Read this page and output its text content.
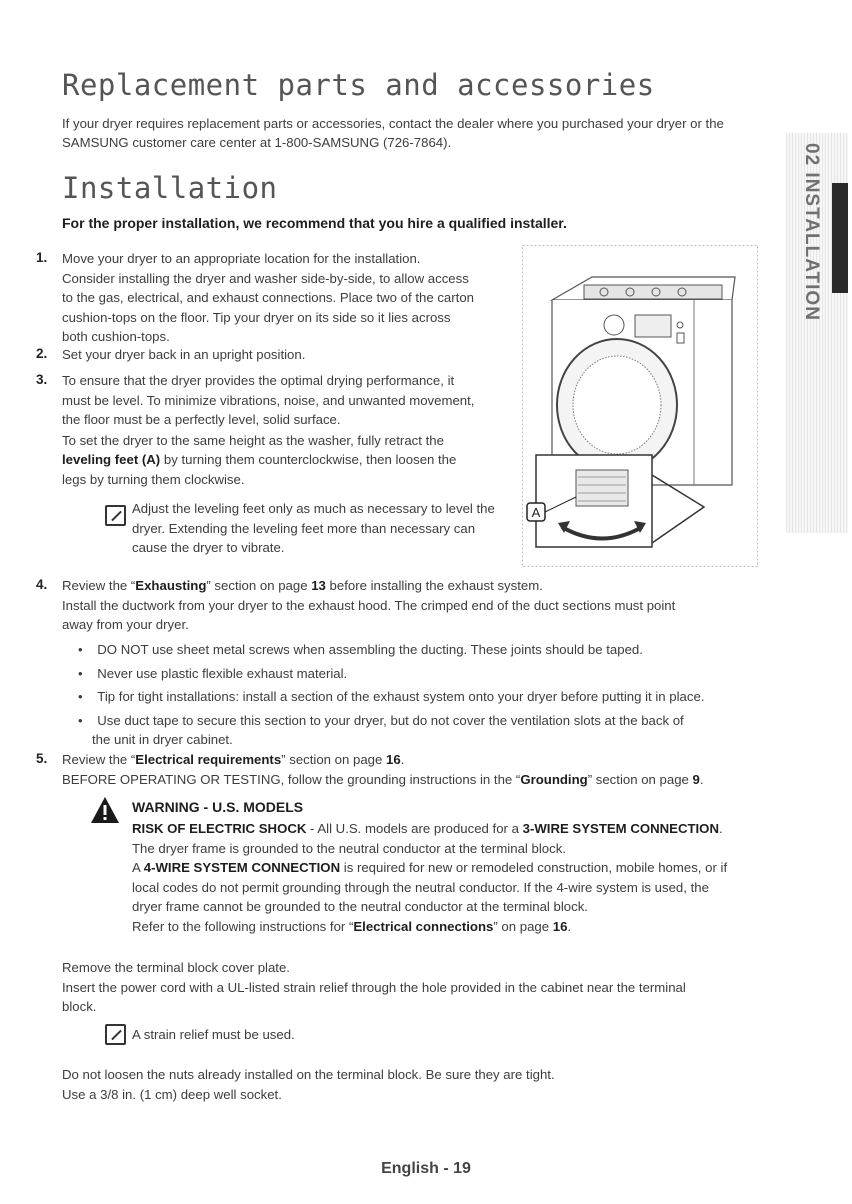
02 INSTALLATION
Replacement parts and accessories
If your dryer requires replacement parts or accessories, contact the dealer where you purchased your dryer or the
SAMSUNG customer care center at 1-800-SAMSUNG (726-7864).
Installation
For the proper installation, we recommend that you hire a qualified installer.
1. Move your dryer to an appropriate location for the installation.
Consider installing the dryer and washer side-by-side, to allow access
to the gas, electrical, and exhaust connections. Place two of the carton
cushion-tops on the floor. Tip your dryer on its side so it lies across
both cushion-tops.
2. Set your dryer back in an upright position.
3. To ensure that the dryer provides the optimal drying performance, it
must be level. To minimize vibrations, noise, and unwanted movement,
the floor must be a perfectly level, solid surface.
To set the dryer to the same height as the washer, fully retract the
leveling feet (A) by turning them counterclockwise, then loosen the
legs by turning them clockwise.
Adjust the leveling feet only as much as necessary to level the
dryer. Extending the leveling feet more than necessary can
cause the dryer to vibrate.
A
4. Review the “Exhausting” section on page 13 before installing the exhaust system.
Install the ductwork from your dryer to the exhaust hood. The crimped end of the duct sections must point
away from your dryer.
•    DO NOT use sheet metal screws when assembling the ducting. These joints should be taped.
•    Never use plastic flexible exhaust material.
•    Tip for tight installations: install a section of the exhaust system onto your dryer before putting it in place.
•    Use duct tape to secure this section to your dryer, but do not cover the ventilation slots at the back of
the unit in dryer cabinet.
5. Review the “Electrical requirements” section on page 16.
BEFORE OPERATING OR TESTING, follow the grounding instructions in the “Grounding” section on page 9.
WARNING - U.S. MODELS
RISK OF ELECTRIC SHOCK - All U.S. models are produced for a 3-WIRE SYSTEM CONNECTION.
The dryer frame is grounded to the neutral conductor at the terminal block.
A 4-WIRE SYSTEM CONNECTION is required for new or remodeled construction, mobile homes, or if
local codes do not permit grounding through the neutral conductor. If the 4-wire system is used, the
dryer frame cannot be grounded to the neutral conductor at the terminal block.
Refer to the following instructions for “Electrical connections” on page 16.
Remove the terminal block cover plate.
Insert the power cord with a UL-listed strain relief through the hole provided in the cabinet near the terminal
block.
A strain relief must be used.
Do not loosen the nuts already installed on the terminal block. Be sure they are tight.
Use a 3/8 in. (1 cm) deep well socket.
English - 19
